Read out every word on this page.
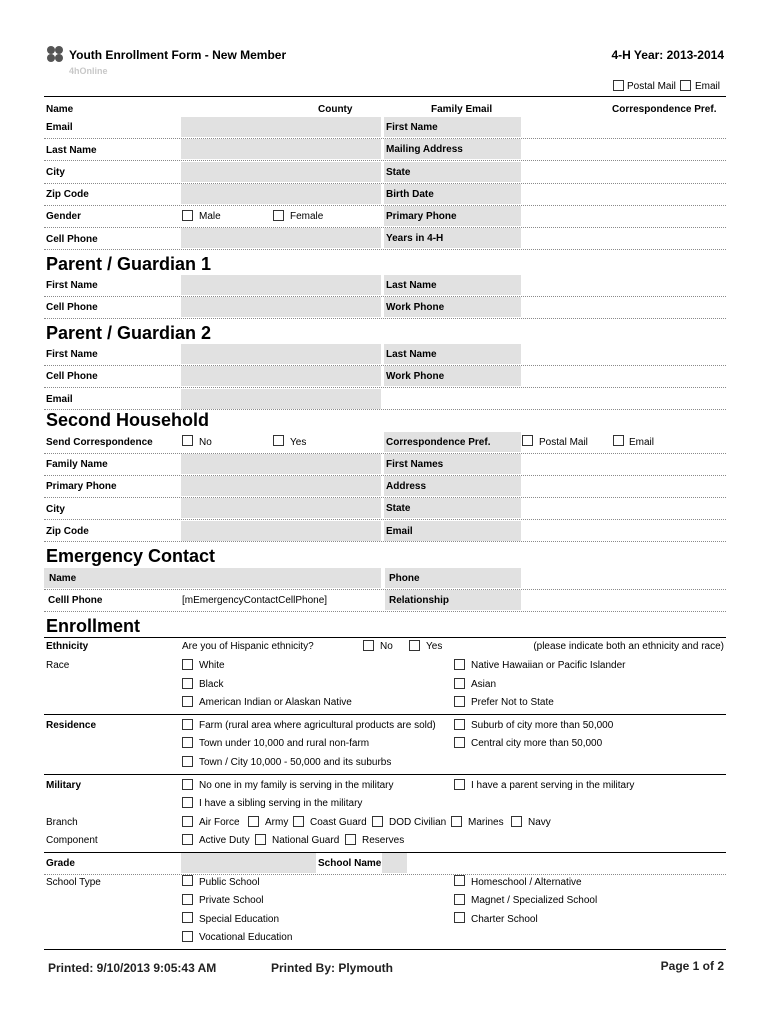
Youth Enrollment Form - New Member
4hOnline
4-H Year: 2013-2014
Postal Mail Email
Name	County	Family Email	Correspondence Pref.
Email	First Name
Last Name	Mailing Address
City	State
Zip Code	Birth Date
Gender	Male	Female	Primary Phone
Cell Phone	Years in 4-H
Parent / Guardian 1
First Name	Last Name
Cell Phone	Work Phone
Parent / Guardian 2
First Name	Last Name
Cell Phone	Work Phone
Email
Second Household
Send Correspondence	No	Yes	Correspondence Pref.	Postal Mail	Email
Family Name	First Names
Primary Phone	Address
City	State
Zip Code	Email
Emergency Contact
Name	Phone
Celll Phone	[mEmergencyContactCellPhone]	Relationship
Enrollment
Ethnicity	Are you of Hispanic ethnicity?	No	Yes	(please indicate both an ethnicity and race)
Race	White	Native Hawaiian or Pacific Islander
Black	Asian
American Indian or Alaskan Native	Prefer Not to State
Residence	Farm (rural area where agricultural products are sold)	Suburb of city more than 50,000
Town under 10,000 and rural non-farm	Central city more than 50,000
Town / City 10,000 - 50,000 and its suburbs
Military	No one in my family is serving in the military	I have a parent serving in the military
I have a sibling serving in the military
Branch	Air Force	Army Coast Guard DOD Civilian Marines Navy
Component	Active Duty National Guard Reserves
Grade	School Name
School Type	Public School	Homeschool / Alternative
Private School	Magnet / Specialized School
Special Education	Charter School
Vocational Education
Printed: 9/10/2013 9:05:43 AM	Printed By: Plymouth	Page 1 of 2
